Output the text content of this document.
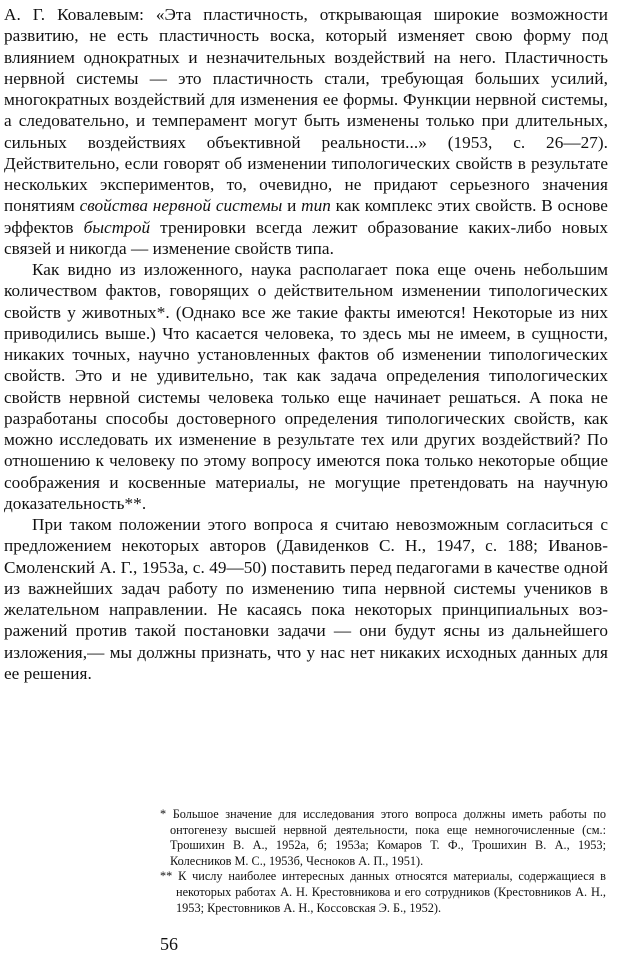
А. Г. Ковалевым: «Эта пластичность, открывающая широкие возможности развитию, не есть пластичность воска, который изменяет свою форму под влиянием однократных и незначительных воздействий на него. Пластичность нервной системы — это пластичность стали, требующая больших усилий, многократных воздействий для изменения ее формы. Функции нервной системы, а следовательно, и темперамент могут быть изменены только при длительных, сильных воздействиях объективной реальности...» (1953, с. 26—27). Действительно, если говорят об изменении типологических свойств в результате нескольких экспериментов, то, очевидно, не придают серьезного значения понятиям свойства нервной системы и тип как комплекс этих свойств. В основе эффектов быстрой тренировки всегда лежит образование каких-либо новых связей и никогда — изменение свойств типа.

Как видно из изложенного, наука располагает пока еще очень небольшим количеством фактов, говорящих о действительном изменении типологических свойств у животных*. (Однако все же такие факты имеются! Некоторые из них приводились выше.) Что касается человека, то здесь мы не имеем, в сущности, никаких точных, научно установленных фактов об изменении типологических свойств. Это и не удивительно, так как задача определения типологических свойств нервной системы человека только еще начинает решаться. А пока не разработаны способы достоверного определения типологических свойств, как можно исследовать их изменение в результате тех или других воздействий? По отношению к человеку по этому вопросу имеются пока только некоторые общие соображения и косвенные материалы, не могущие претендовать на научную доказательность**.

При таком положении этого вопроса я считаю невозможным согласиться с предложением некоторых авторов (Давиденков С. Н., 1947, с. 188; Иванов-Смоленский А. Г., 1953а, с. 49—50) поставить перед педагогами в качестве одной из важнейших задач работу по изменению типа нервной системы учеников в желательном направлении. Не касаясь пока некоторых принципиальных возражений против такой постановки задачи — они будут ясны из дальнейшего изложения,— мы должны признать, что у нас нет никаких исходных данных для ее решения.

* Большое значение для исследования этого вопроса должны иметь работы по онтогенезу высшей нервной деятельности, пока еще немногочисленные (см.: Трошихин В. А., 1952а, б; 1953а; Комаров Т. Ф., Трошихин В. А., 1953; Колесников М. С., 1953б, Чесноков А. П., 1951).

** К числу наиболее интересных данных относятся материалы, содержащиеся в некоторых работах А. Н. Крестовникова и его сотрудников (Крестовников А. Н., 1953; Крестовников А. Н., Коссовская Э. Б., 1952).

56
